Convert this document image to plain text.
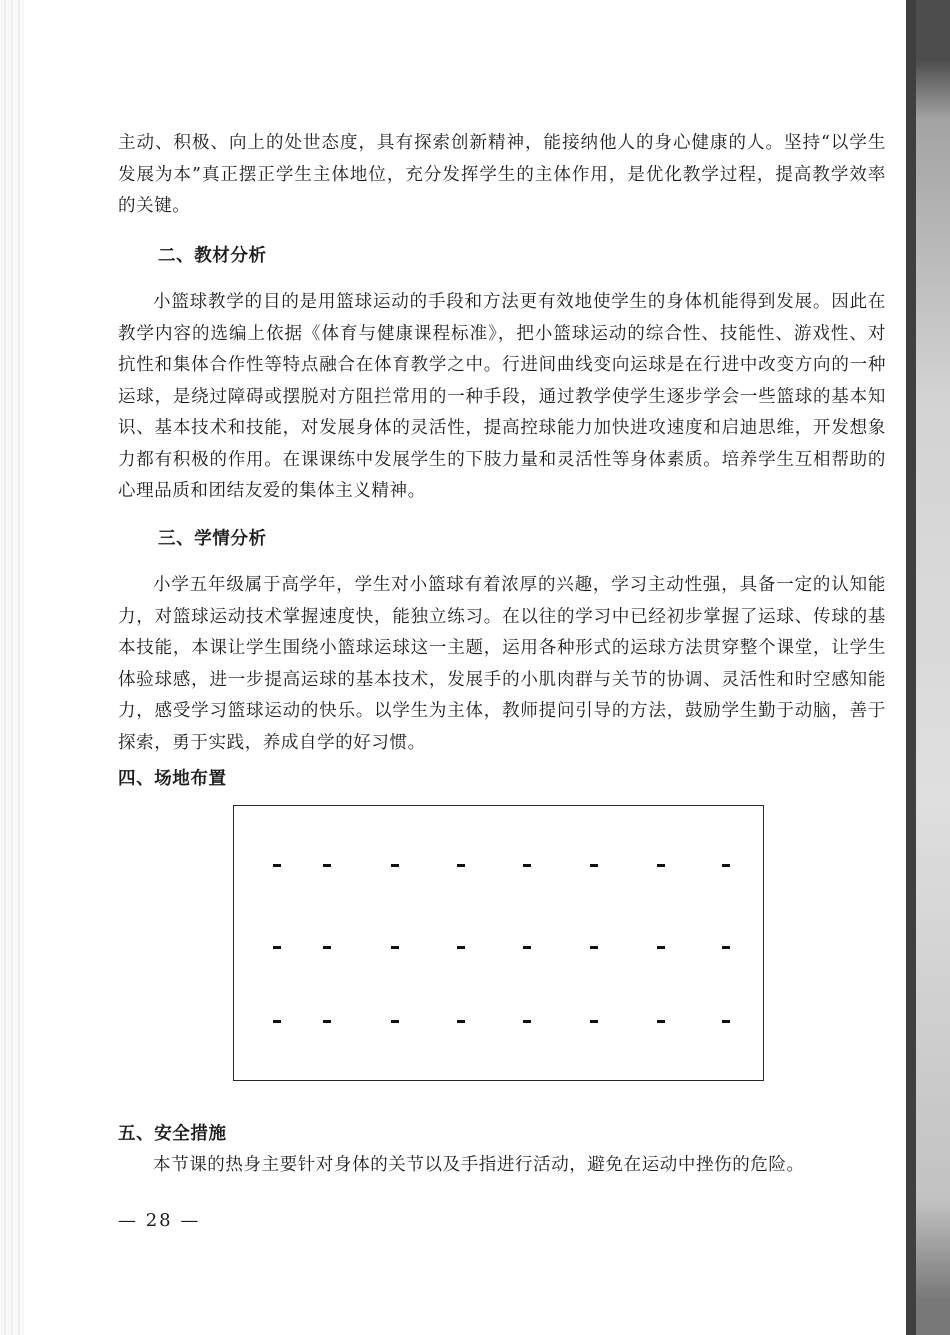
主动、积极、向上的处世态度，具有探索创新精神，能接纳他人的身心健康的人。坚持“以学生发展为本”真正摆正学生主体地位，充分发挥学生的主体作用，是优化教学过程，提高教学效率的关键。

二、教材分析

小篮球教学的目的是用篮球运动的手段和方法更有效地使学生的身体机能得到发展。因此在教学内容的选编上依据《体育与健康课程标准》，把小篮球运动的综合性、技能性、游戏性、对抗性和集体合作性等特点融合在体育教学之中。行进间曲线变向运球是在行进中改变方向的一种运球，是绕过障碍或摆脱对方阻拦常用的一种手段，通过教学使学生逐步学会一些篮球的基本知识、基本技术和技能，对发展身体的灵活性，提高控球能力加快进攻速度和启迪思维，开发想象力都有积极的作用。在课课练中发展学生的下肢力量和灵活性等身体素质。培养学生互相帮助的心理品质和团结友爱的集体主义精神。

三、学情分析

小学五年级属于高学年，学生对小篮球有着浓厚的兴趣，学习主动性强，具备一定的认知能力，对篮球运动技术掌握速度快，能独立练习。在以往的学习中已经初步掌握了运球、传球的基本技能，本课让学生围绕小篮球运球这一主题，运用各种形式的运球方法贯穿整个课堂，让学生体验球感，进一步提高运球的基本技术，发展手的小肌肉群与关节的协调、灵活性和时空感知能力，感受学习篮球运动的快乐。以学生为主体，教师提问引导的方法，鼓励学生勤于动脑，善于探索，勇于实践，养成自学的好习惯。

四、场地布置
五、安全措施

本节课的热身主要针对身体的关节以及手指进行活动，避免在运动中挫伤的危险。

— 28 —
